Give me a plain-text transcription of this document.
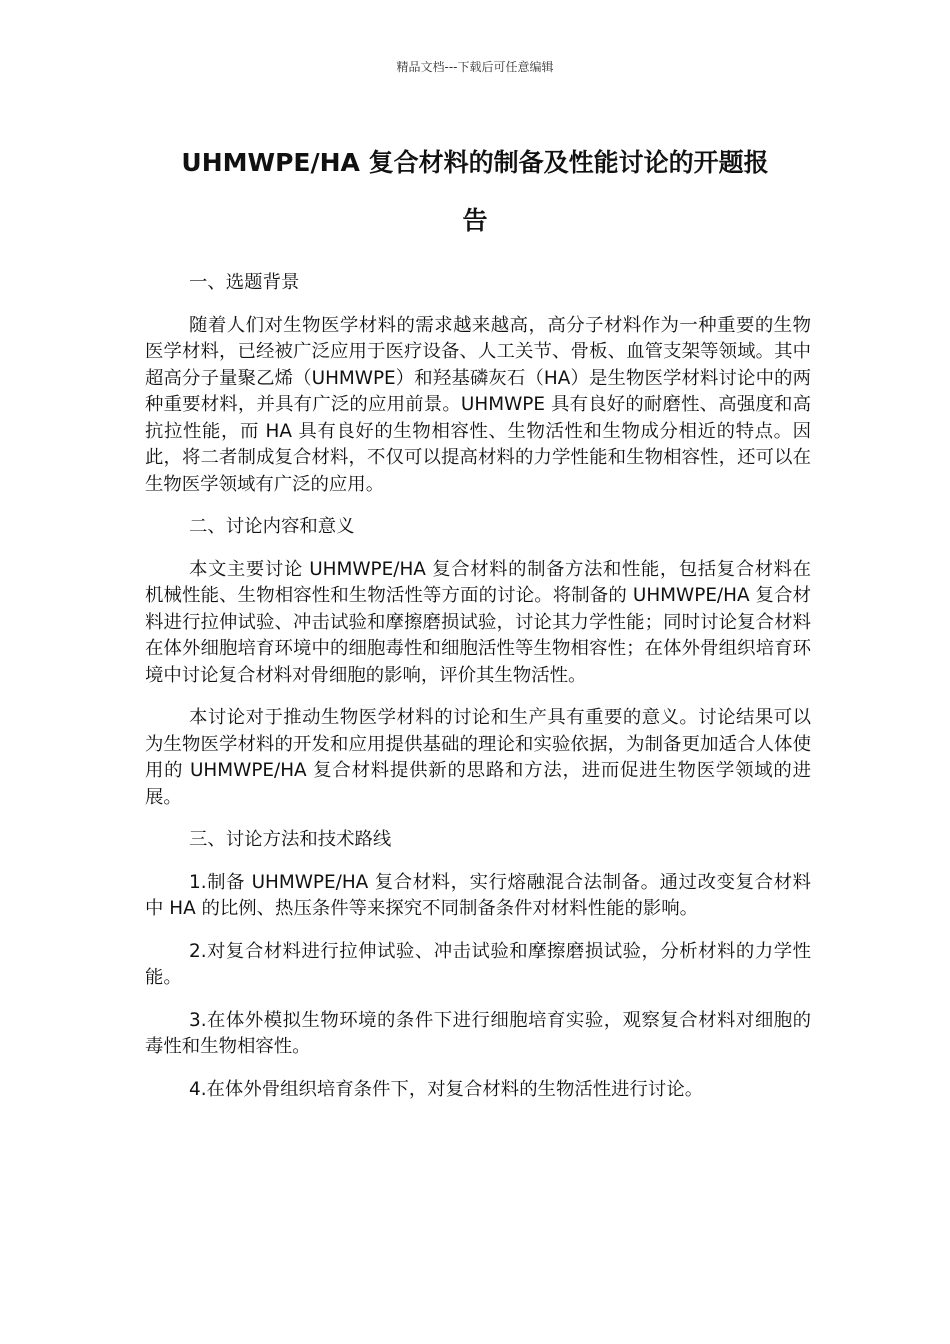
精品文档---下载后可任意编辑
UHMWPE/HA 复合材料的制备及性能讨论的开题报
告

一、选题背景

随着人们对生物医学材料的需求越来越高，高分子材料作为一种重要的生物医学材料，已经被广泛应用于医疗设备、人工关节、骨板、血管支架等领域。其中超高分子量聚乙烯（UHMWPE）和羟基磷灰石（HA）是生物医学材料讨论中的两种重要材料，并具有广泛的应用前景。UHMWPE 具有良好的耐磨性、高强度和高抗拉性能，而 HA 具有良好的生物相容性、生物活性和生物成分相近的特点。因此，将二者制成复合材料，不仅可以提高材料的力学性能和生物相容性，还可以在生物医学领域有广泛的应用。

二、讨论内容和意义

本文主要讨论 UHMWPE/HA 复合材料的制备方法和性能，包括复合材料在机械性能、生物相容性和生物活性等方面的讨论。将制备的 UHMWPE/HA 复合材料进行拉伸试验、冲击试验和摩擦磨损试验，讨论其力学性能；同时讨论复合材料在体外细胞培育环境中的细胞毒性和细胞活性等生物相容性；在体外骨组织培育环境中讨论复合材料对骨细胞的影响，评价其生物活性。

本讨论对于推动生物医学材料的讨论和生产具有重要的意义。讨论结果可以为生物医学材料的开发和应用提供基础的理论和实验依据，为制备更加适合人体使用的 UHMWPE/HA 复合材料提供新的思路和方法，进而促进生物医学领域的进展。

三、讨论方法和技术路线

1.制备 UHMWPE/HA 复合材料，实行熔融混合法制备。通过改变复合材料中 HA 的比例、热压条件等来探究不同制备条件对材料性能的影响。

2.对复合材料进行拉伸试验、冲击试验和摩擦磨损试验，分析材料的力学性能。

3.在体外模拟生物环境的条件下进行细胞培育实验，观察复合材料对细胞的毒性和生物相容性。

4.在体外骨组织培育条件下，对复合材料的生物活性进行讨论。
